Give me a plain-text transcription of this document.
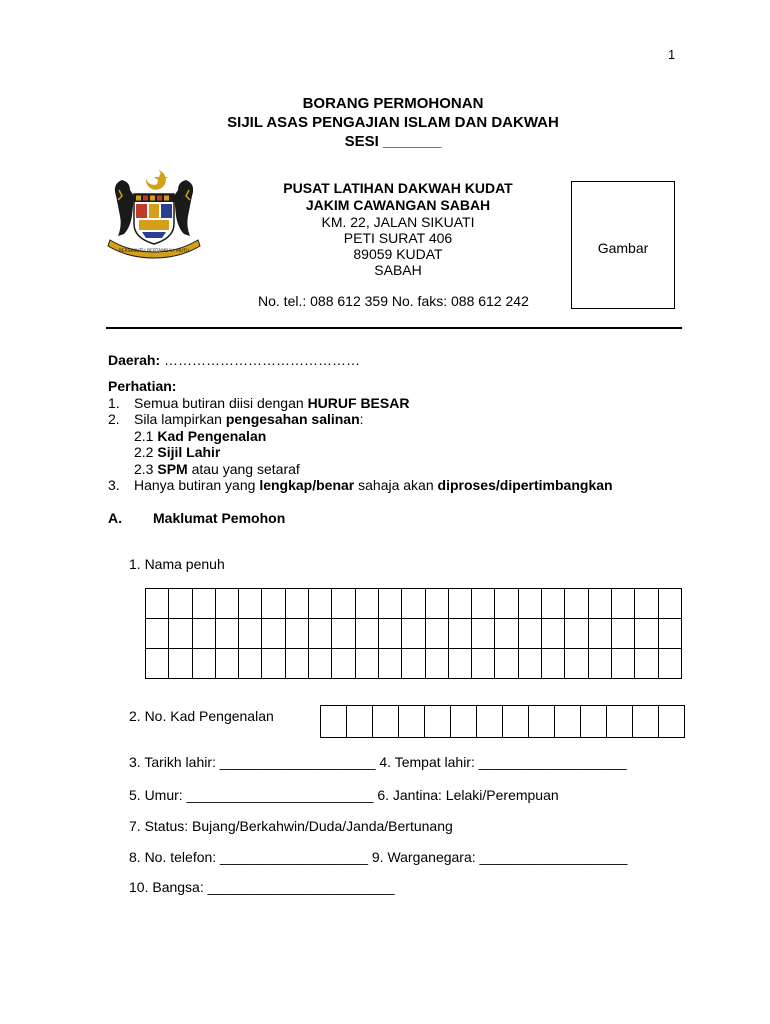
1
BORANG PERMOHONAN
SIJIL ASAS PENGAJIAN ISLAM DAN DAKWAH
SESI _______
BERSEKUTU BERTAMBAH MUTU
PUSAT LATIHAN DAKWAH KUDAT
JAKIM CAWANGAN SABAH
KM. 22, JALAN SIKUATI
PETI SURAT 406
89059 KUDAT
SABAH
Gambar
No. tel.: 088 612 359 No. faks: 088 612 242
Daerah: ……………………………………
Perhatian:
1. Semua butiran diisi dengan HURUF BESAR
2. Sila lampirkan pengesahan salinan:
2.1 Kad Pengenalan
2.2 Sijil Lahir
2.3 SPM atau yang setaraf
3. Hanya butiran yang lengkap/benar sahaja akan diproses/dipertimbangkan
A. Maklumat Pemohon
1. Nama penuh

2. No. Kad Pengenalan

3. Tarikh lahir: ____________________ 4. Tempat lahir: ___________________
5. Umur: ________________________ 6. Jantina: Lelaki/Perempuan
7. Status: Bujang/Berkahwin/Duda/Janda/Bertunang
8. No. telefon: ___________________ 9. Warganegara: ___________________
10. Bangsa: ________________________
